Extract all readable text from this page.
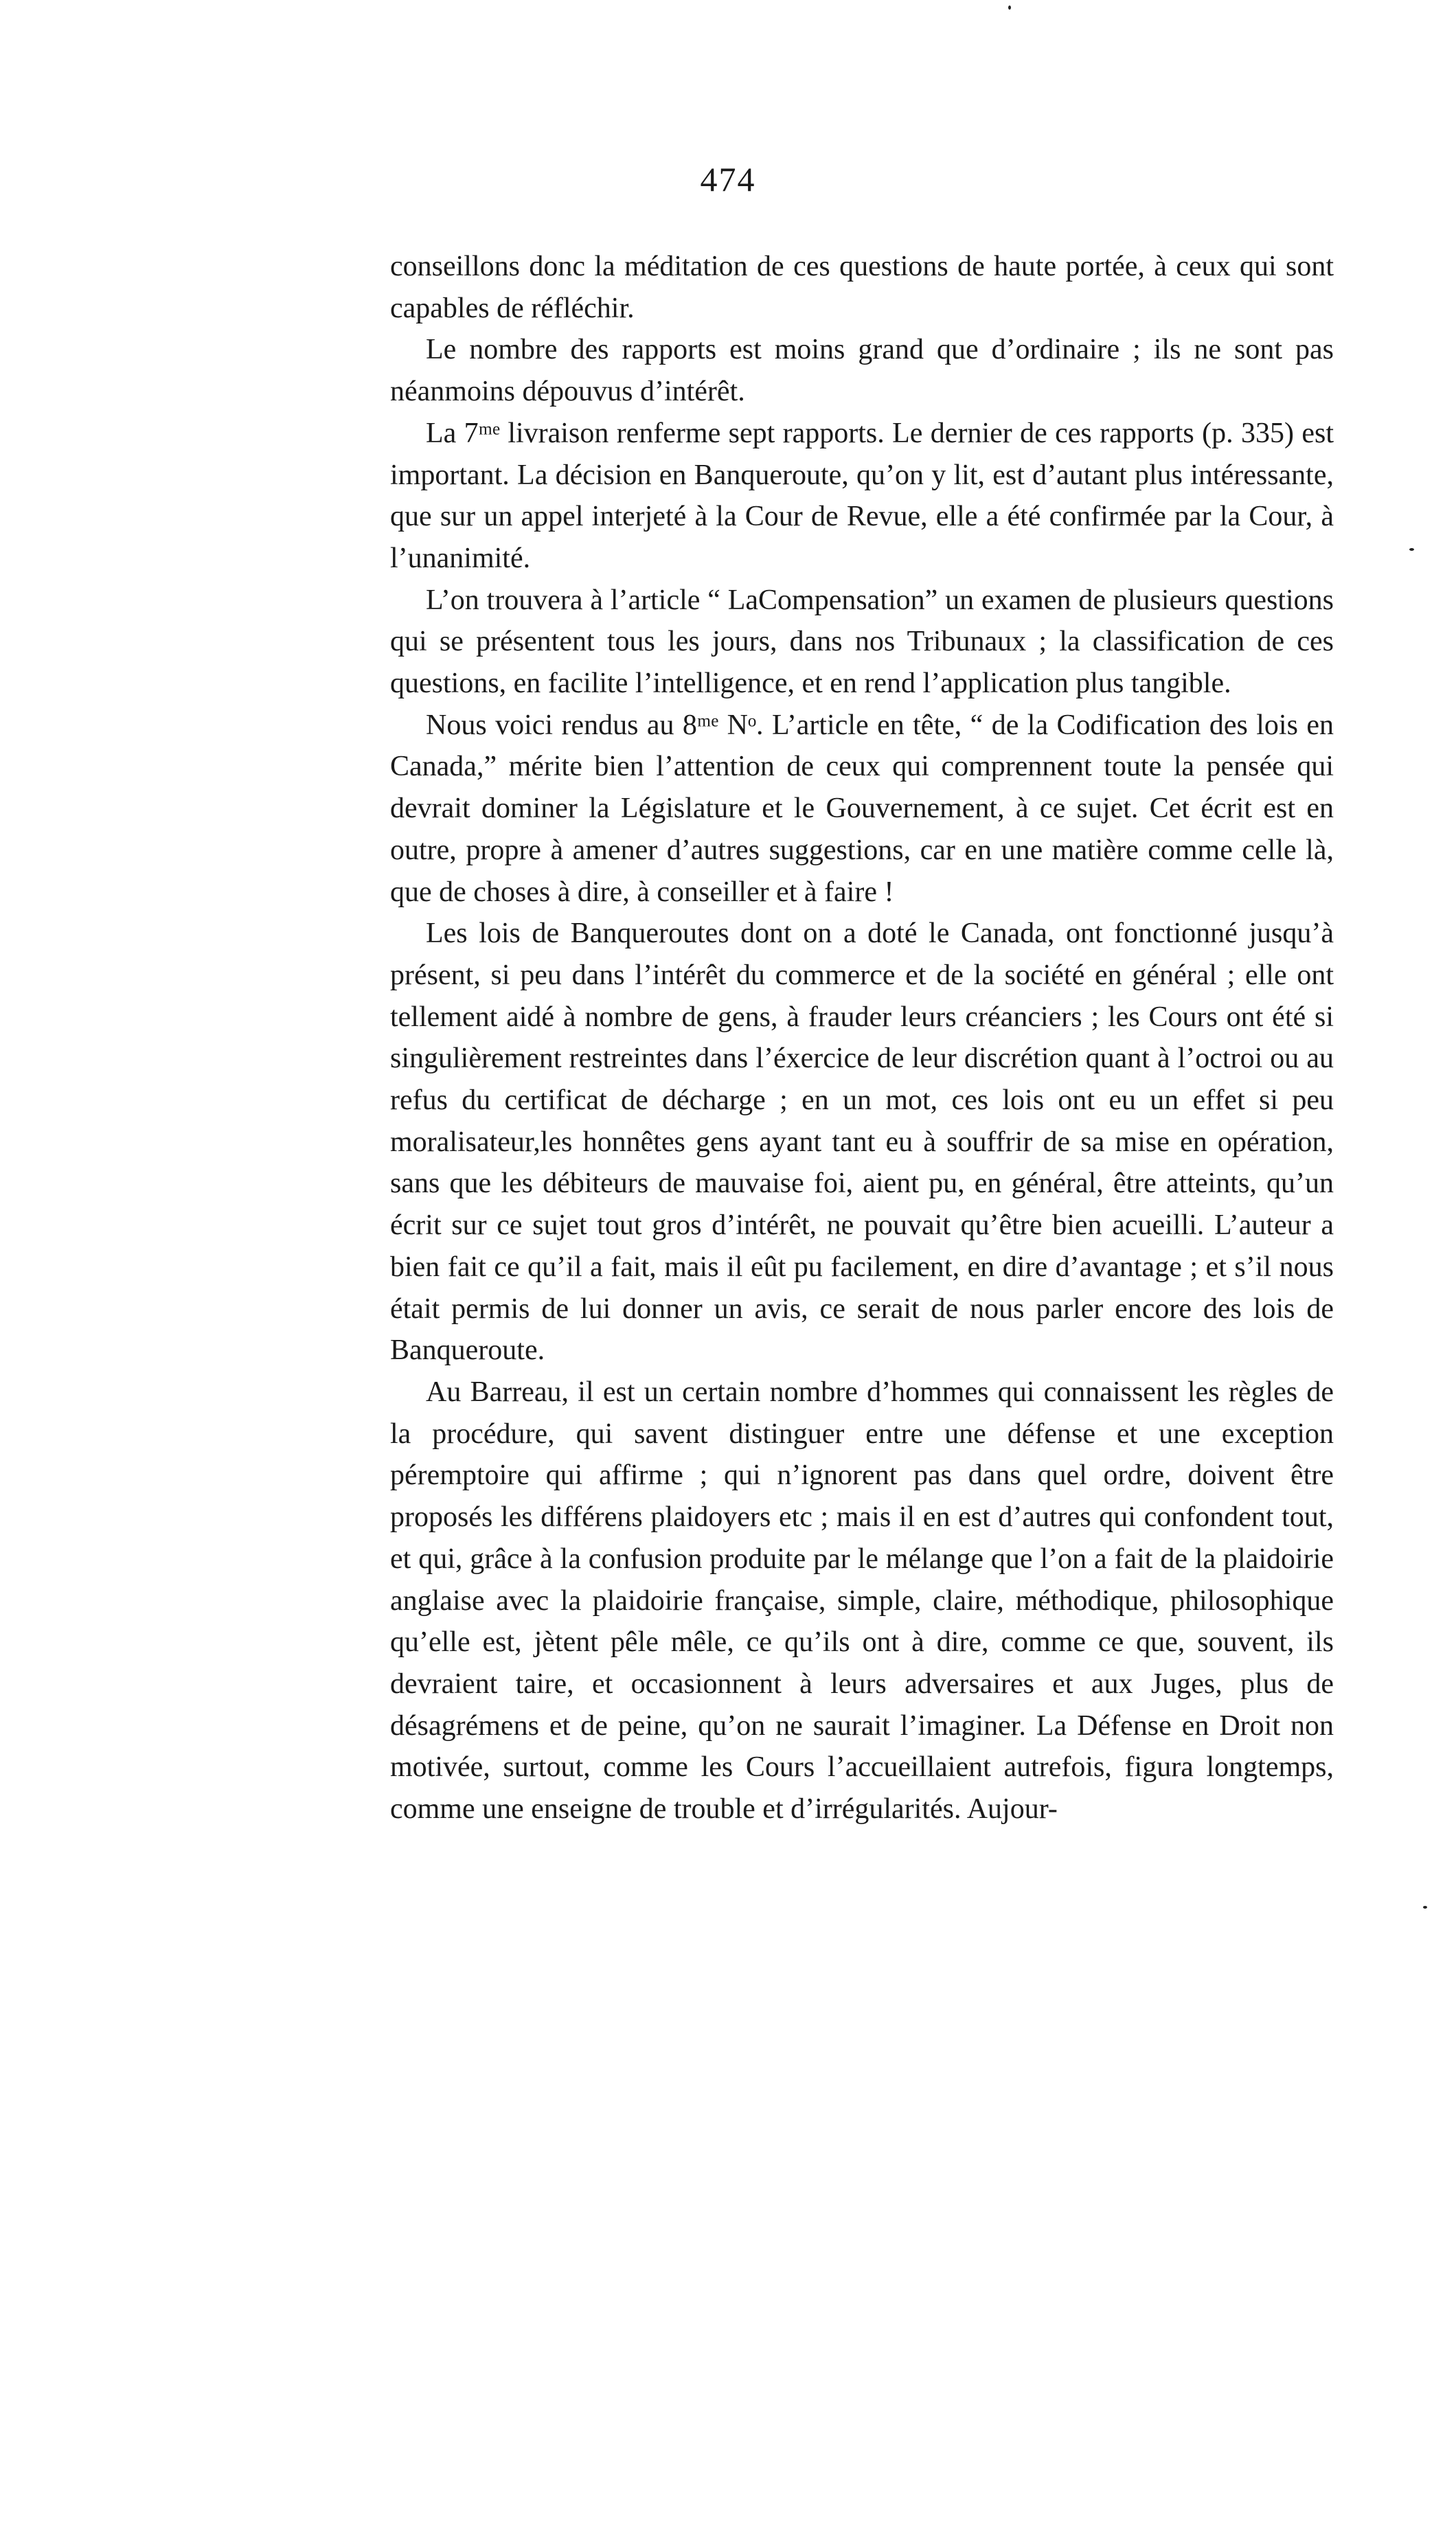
474

conseillons donc la méditation de ces questions de haute portée, à ceux qui sont capables de réfléchir.

Le nombre des rapports est moins grand que d’ordinaire ; ils ne sont pas néanmoins dépouvus d’intérêt.

La 7ᵐᵉ livraison renferme sept rapports. Le dernier de ces rapports (p. 335) est important. La décision en Banqueroute, qu’on y lit, est d’autant plus intéressante, que sur un appel interjeté à la Cour de Revue, elle a été confirmée par la Cour, à l’unanimité.

L’on trouvera à l’article “ LaCompensation” un examen de plusieurs questions qui se présentent tous les jours, dans nos Tribunaux ; la classification de ces questions, en facilite l’intelligence, et en rend l’application plus tangible.

Nous voici rendus au 8ᵐᵉ Nᵒ. L’article en tête, “ de la Codification des lois en Canada,” mérite bien l’attention de ceux qui comprennent toute la pensée qui devrait dominer la Législature et le Gouvernement, à ce sujet. Cet écrit est en outre, propre à amener d’autres suggestions, car en une matière comme celle là, que de choses à dire, à conseiller et à faire !

Les lois de Banqueroutes dont on a doté le Canada, ont fonctionné jusqu’à présent, si peu dans l’intérêt du commerce et de la société en général ; elle ont tellement aidé à nombre de gens, à frauder leurs créanciers ; les Cours ont été si singulièrement restreintes dans l’éxercice de leur discrétion quant à l’octroi ou au refus du certificat de décharge ; en un mot, ces lois ont eu un effet si peu moralisateur,les honnêtes gens ayant tant eu à souffrir de sa mise en opération, sans que les débiteurs de mauvaise foi, aient pu, en général, être atteints, qu’un écrit sur ce sujet tout gros d’intérêt, ne pouvait qu’être bien acueilli. L’auteur a bien fait ce qu’il a fait, mais il eût pu facilement, en dire d’avantage ; et s’il nous était permis de lui donner un avis, ce serait de nous parler encore des lois de Banqueroute.

Au Barreau, il est un certain nombre d’hommes qui connaissent les règles de la procédure, qui savent distinguer entre une défense et une exception péremptoire qui affirme ; qui n’ignorent pas dans quel ordre, doivent être proposés les différens plaidoyers etc ; mais il en est d’autres qui confondent tout, et qui, grâce à la confusion produite par le mélange que l’on a fait de la plaidoirie anglaise avec la plaidoirie française, simple, claire, méthodique, philosophique qu’elle est, jètent pêle mêle, ce qu’ils ont à dire, comme ce que, souvent, ils devraient taire, et occasionnent à leurs adversaires et aux Juges, plus de désagrémens et de peine, qu’on ne saurait l’imaginer. La Défense en Droit non motivée, surtout, comme les Cours l’accueillaient autrefois, figura longtemps, comme une enseigne de trouble et d’irrégularités. Aujour-
